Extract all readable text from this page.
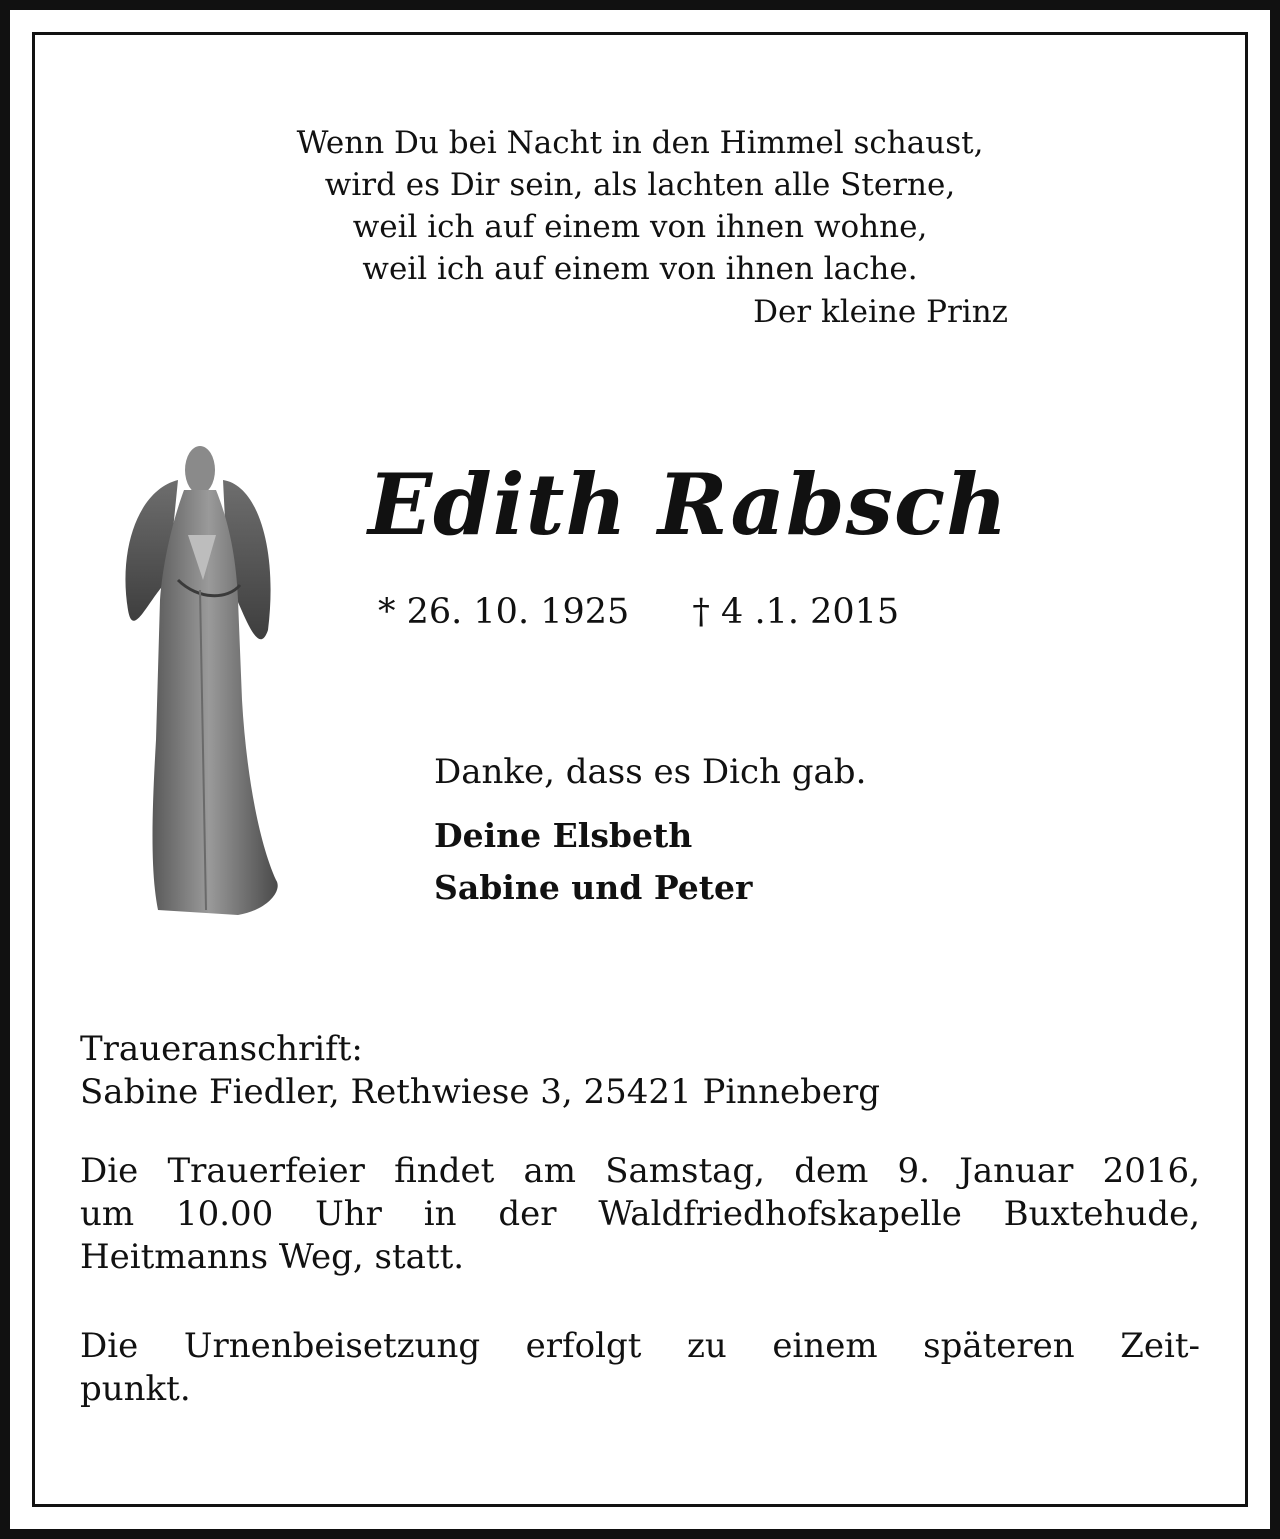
Wenn Du bei Nacht in den Himmel schaust,
wird es Dir sein, als lachten alle Sterne,
weil ich auf einem von ihnen wohne,
weil ich auf einem von ihnen lache.
Der kleine Prinz
Edith Rabsch
* 26. 10. 1925 † 4 .1. 2015
Danke, dass es Dich gab.
Deine Elsbeth
Sabine und Peter
Traueranschrift:
Sabine Fiedler, Rethwiese 3, 25421 Pinneberg
Die Trauerfeier findet am Samstag, dem 9. Januar 2016,
um 10.00 Uhr in der Waldfriedhofskapelle Buxtehude,
Heitmanns Weg, statt.
Die Urnenbeisetzung erfolgt zu einem späteren Zeit-
punkt.
